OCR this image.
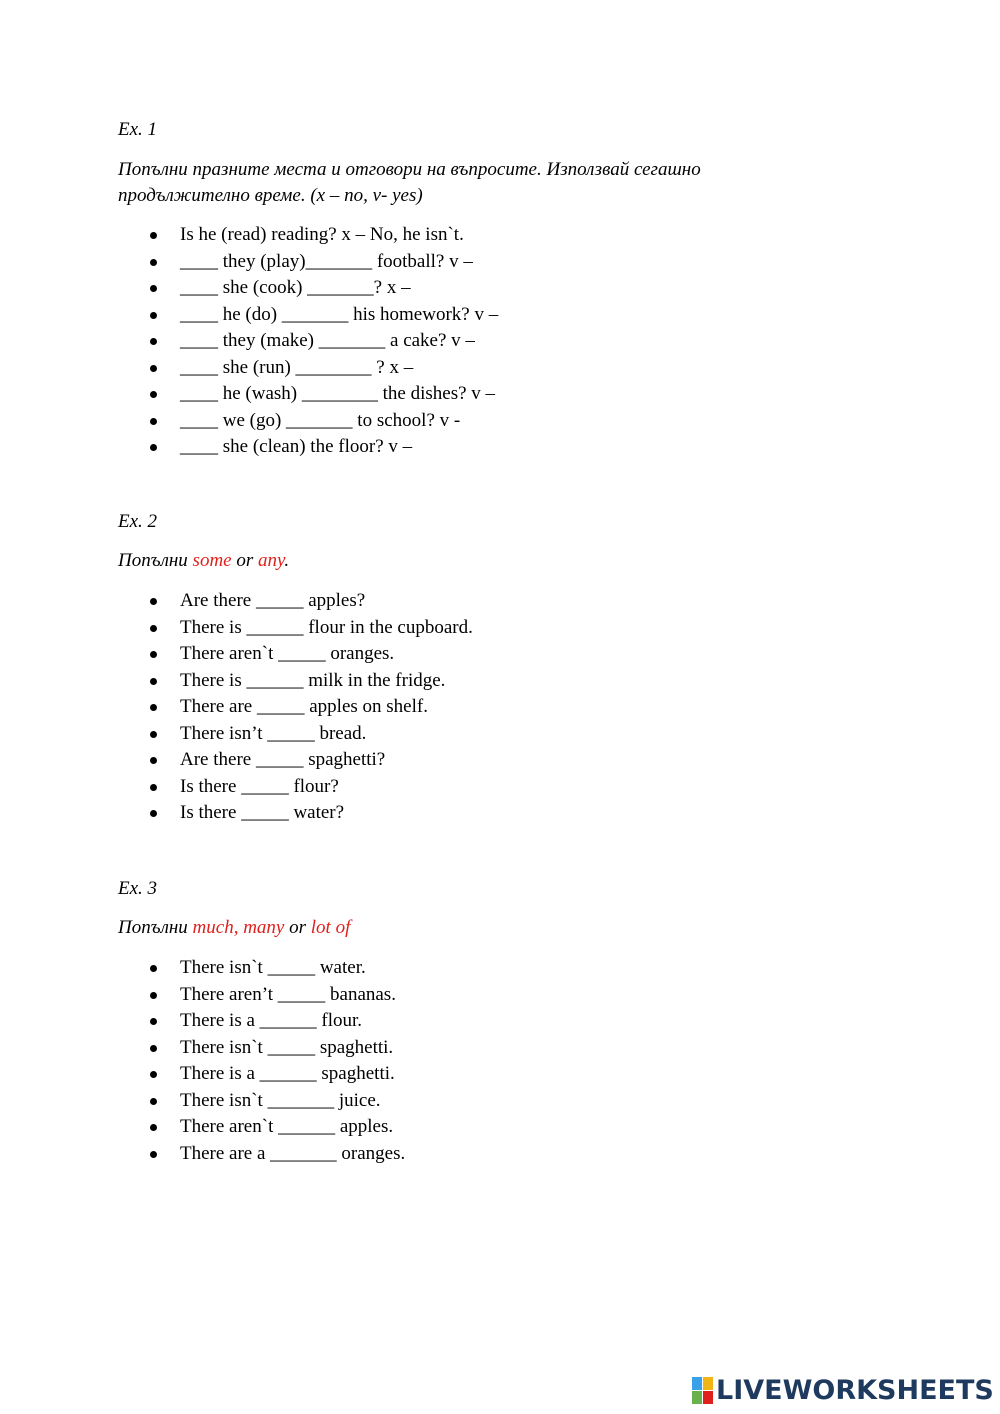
Ex. 1

Попълни празните места и отговори на въпросите. Използвай сегашно продължително време. (x – no, v- yes)

Is he (read) reading? x – No, he isn`t.
____ they (play)_______ football? v –
____ she (cook) _______? x –
____ he (do) _______ his homework? v –
____ they (make) _______ a cake? v –
____ she (run) ________ ? x –
____ he (wash) ________ the dishes? v –
____ we (go) _______ to school? v -
____ she (clean) the floor? v –

Ex. 2

Попълни some or any.

Are there _____ apples?
There is ______ flour in the cupboard.
There aren`t _____ oranges.
There is ______ milk in the fridge.
There are _____ apples on shelf.
There isn’t _____ bread.
Are there _____ spaghetti?
Is there _____ flour?
Is there _____ water?

Ex. 3

Попълни much, many or lot of

There isn`t _____ water.
There aren’t _____ bananas.
There is a ______ flour.
There isn`t _____ spaghetti.
There is a ______ spaghetti.
There isn`t _______ juice.
There aren`t ______ apples.
There are a _______ oranges.
LIVEWORKSHEETS
